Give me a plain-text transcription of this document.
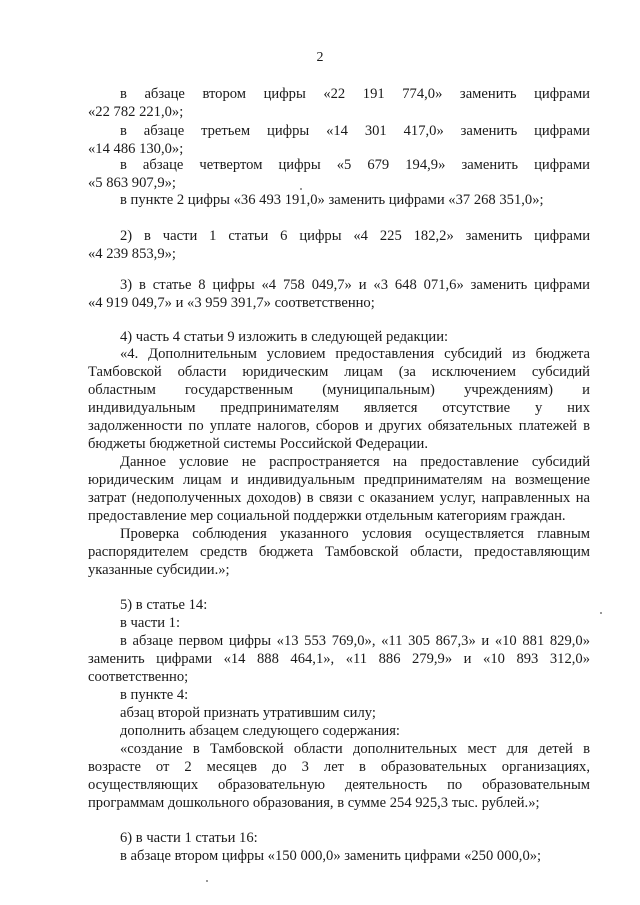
2
в абзаце втором цифры «22 191 774,0» заменить цифрами
«22 782 221,0»;
в абзаце третьем цифры «14 301 417,0» заменить цифрами
«14 486 130,0»;
в абзаце четвертом цифры «5 679 194,9» заменить цифрами
«5 863 907,9»;
в пункте 2 цифры «36 493 191,0» заменить цифрами «37 268 351,0»;
2) в части 1 статьи 6 цифры «4 225 182,2» заменить цифрами
«4 239 853,9»;
3) в статье 8 цифры «4 758 049,7» и «3 648 071,6» заменить цифрами
«4 919 049,7» и «3 959 391,7» соответственно;
4) часть 4 статьи 9 изложить в следующей редакции:
«4. Дополнительным условием предоставления субсидий из бюджета
Тамбовской области юридическим лицам (за исключением субсидий
областным государственным (муниципальным) учреждениям) и
индивидуальным предпринимателям является отсутствие у них
задолженности по уплате налогов, сборов и других обязательных платежей в
бюджеты бюджетной системы Российской Федерации.
Данное условие не распространяется на предоставление субсидий
юридическим лицам и индивидуальным предпринимателям на возмещение
затрат (недополученных доходов) в связи с оказанием услуг, направленных на
предоставление мер социальной поддержки отдельным категориям граждан.
Проверка соблюдения указанного условия осуществляется главным
распорядителем средств бюджета Тамбовской области, предоставляющим
указанные субсидии.»;
5) в статье 14:
в части 1:
в абзаце первом цифры «13 553 769,0», «11 305 867,3» и «10 881 829,0»
заменить цифрами «14 888 464,1», «11 886 279,9» и «10 893 312,0»
соответственно;
в пункте 4:
абзац второй признать утратившим силу;
дополнить абзацем следующего содержания:
«создание в Тамбовской области дополнительных мест для детей в
возрасте от 2 месяцев до 3 лет в образовательных организациях,
осуществляющих образовательную деятельность по образовательным
программам дошкольного образования, в сумме 254 925,3 тыс. рублей.»;
6) в части 1 статьи 16:
в абзаце втором цифры «150 000,0» заменить цифрами «250 000,0»;
